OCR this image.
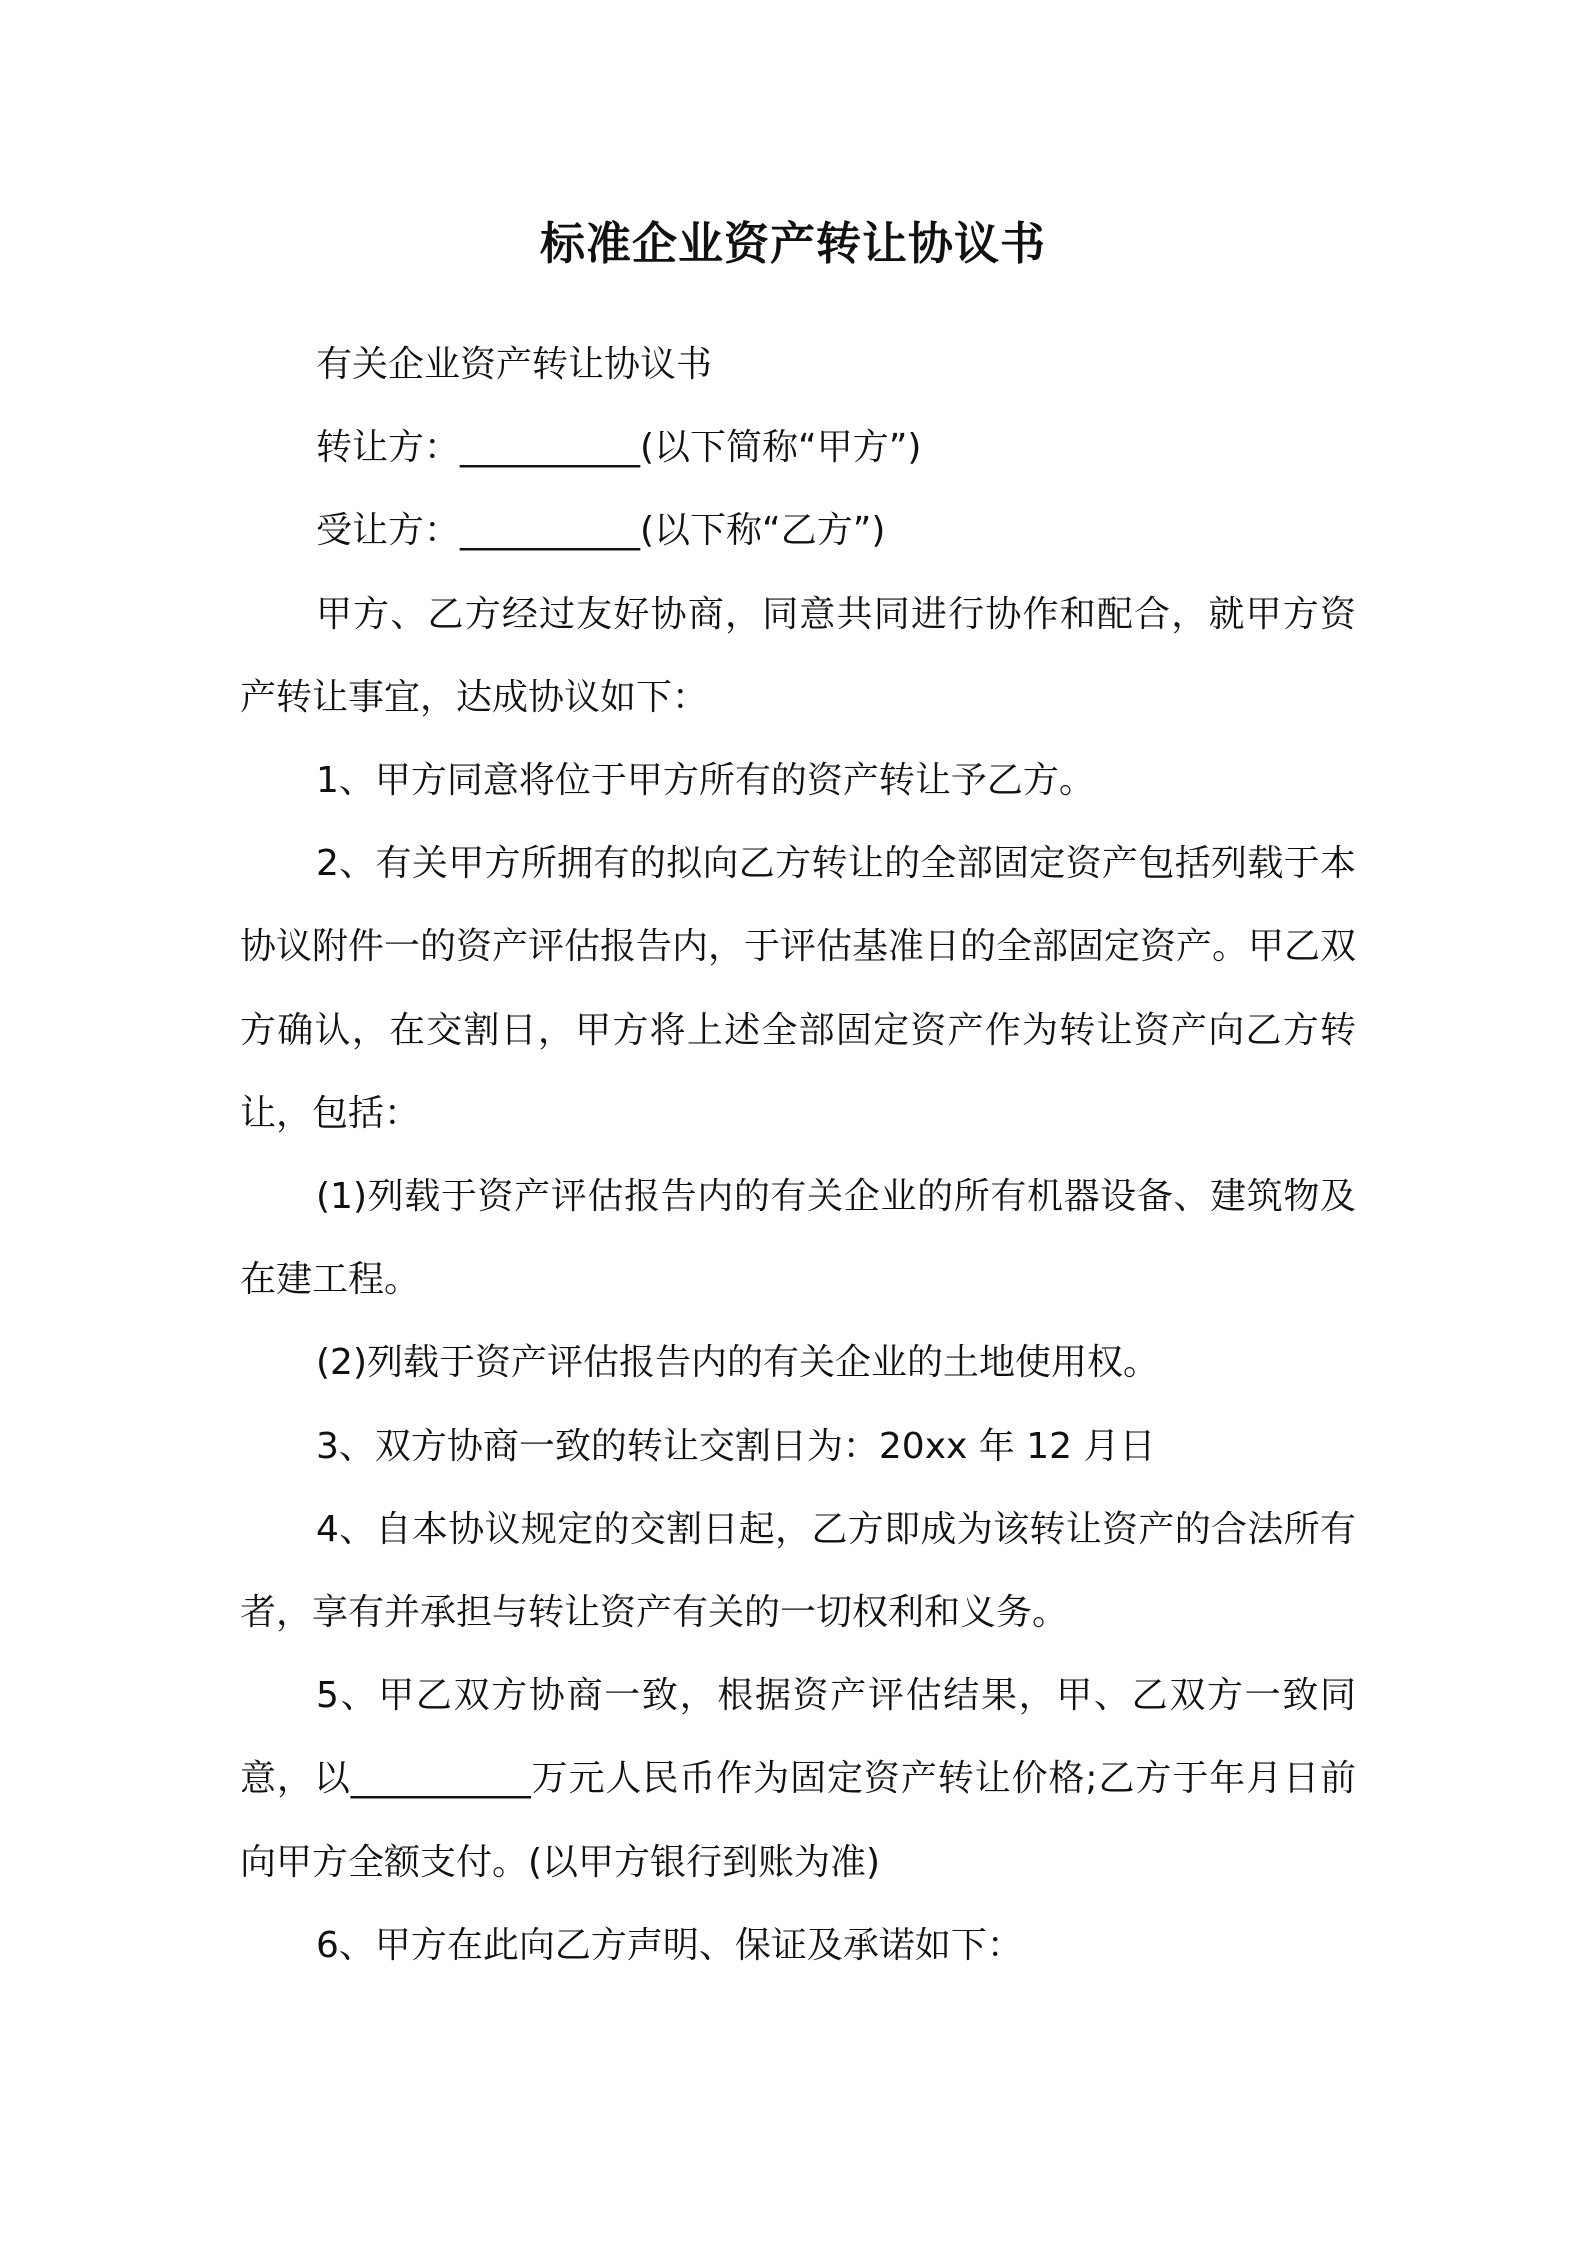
标准企业资产转让协议书

有关企业资产转让协议书

转让方：__________(以下简称“甲方”)

受让方：__________(以下称“乙方”)

甲方、乙方经过友好协商，同意共同进行协作和配合，就甲方资产转让事宜，达成协议如下：

1、甲方同意将位于甲方所有的资产转让予乙方。

2、有关甲方所拥有的拟向乙方转让的全部固定资产包括列载于本协议附件一的资产评估报告内，于评估基准日的全部固定资产。甲乙双方确认，在交割日，甲方将上述全部固定资产作为转让资产向乙方转让，包括：

(1)列载于资产评估报告内的有关企业的所有机器设备、建筑物及在建工程。

(2)列载于资产评估报告内的有关企业的土地使用权。

3、双方协商一致的转让交割日为：20xx 年 12 月日

4、自本协议规定的交割日起，乙方即成为该转让资产的合法所有者，享有并承担与转让资产有关的一切权利和义务。

5、甲乙双方协商一致，根据资产评估结果，甲、乙双方一致同意，以__________万元人民币作为固定资产转让价格;乙方于年月日前向甲方全额支付。(以甲方银行到账为准)

6、甲方在此向乙方声明、保证及承诺如下：
